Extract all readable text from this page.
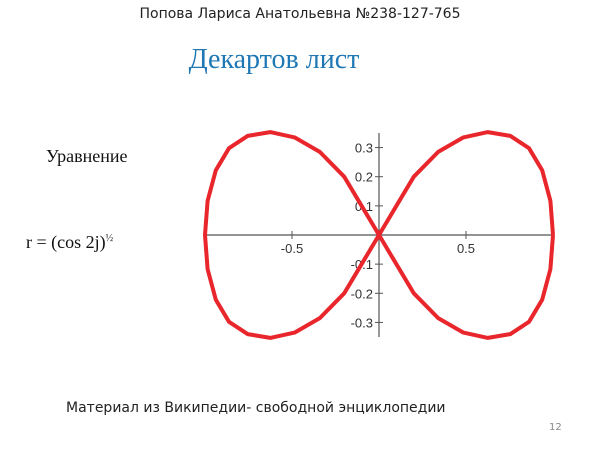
Попова Лариса Анатольевна №238-127-765
Декартов лист
Уравнение
r = (cos 2j)$^{\frac{1}{2}}$
-0.5	0.5
-0.3
-0.2
-0.1
0.1
0.2
0.3
Материал из Википедии- свободной энциклопедии
12
